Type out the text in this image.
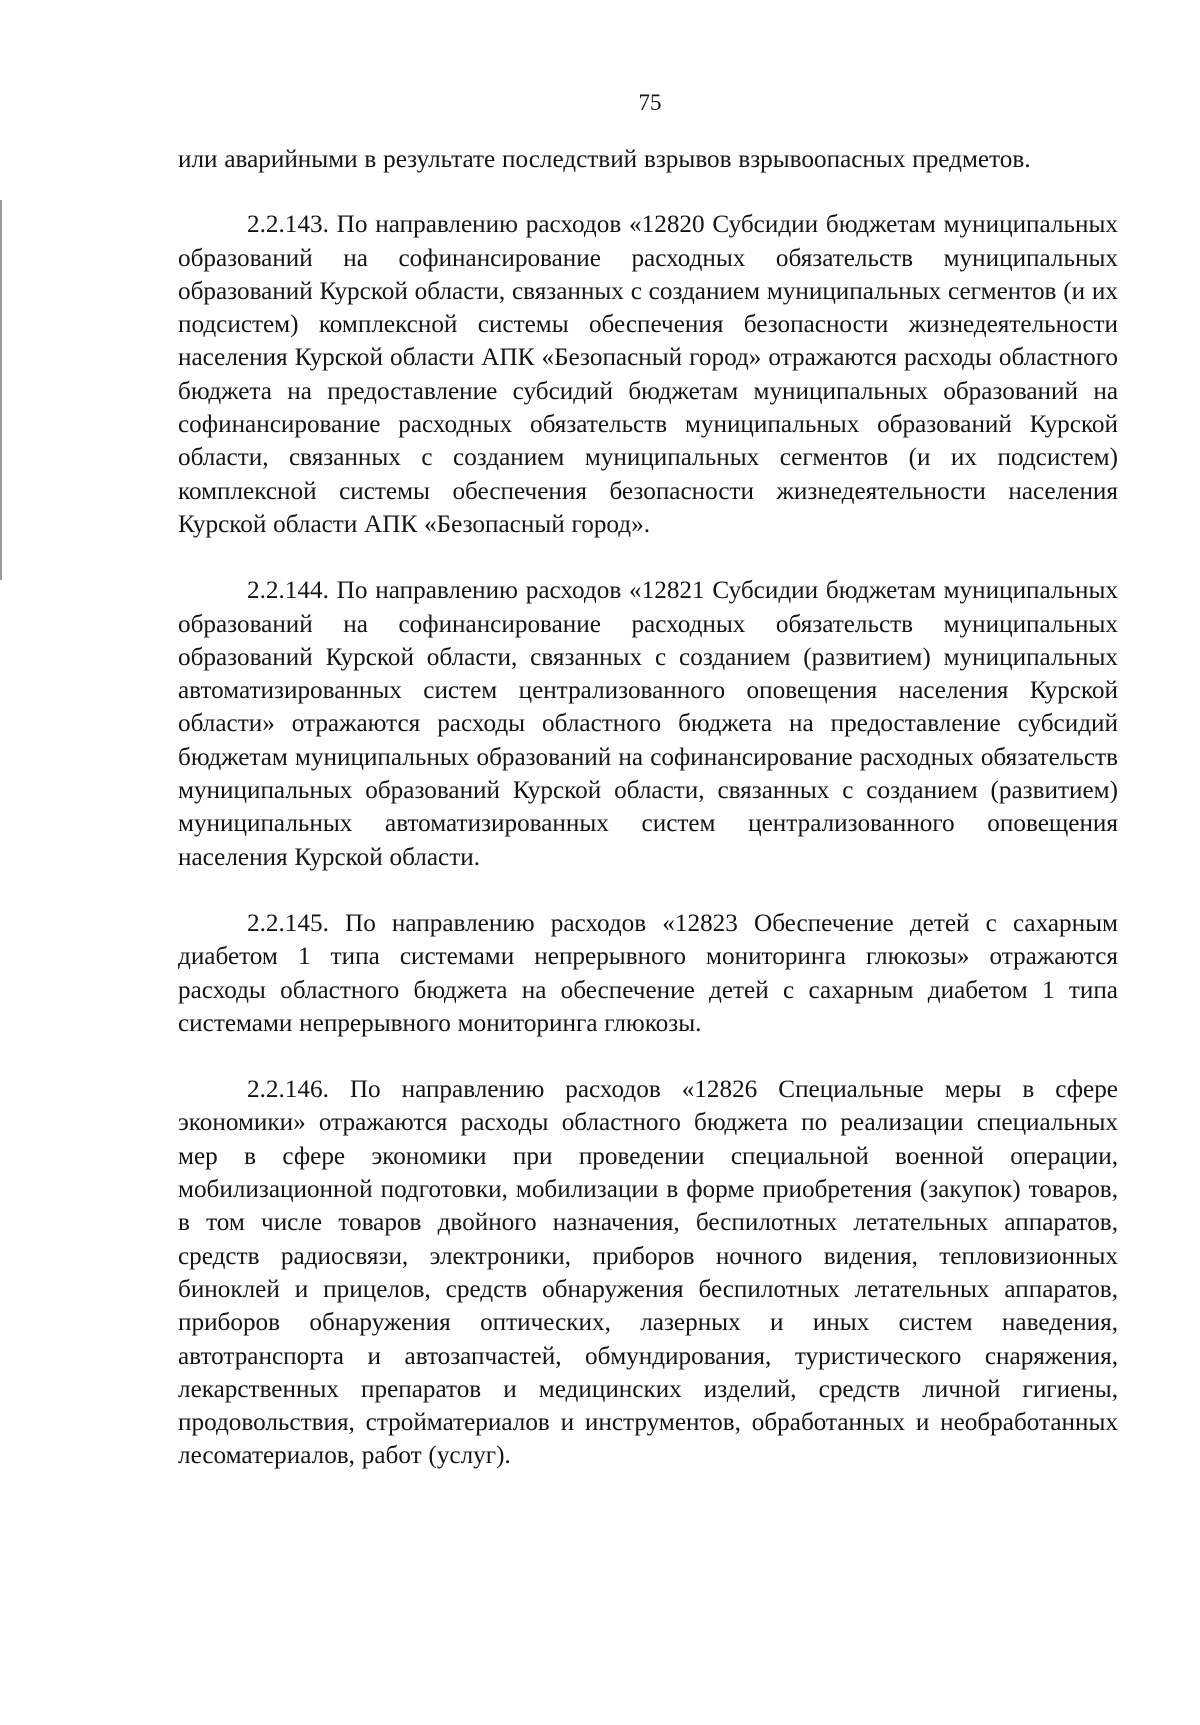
75

или аварийными в результате последствий взрывов взрывоопасных предметов.

2.2.143. По направлению расходов «12820 Субсидии бюджетам муниципальных образований на софинансирование расходных обязательств муниципальных образований Курской области, связанных с созданием муниципальных сегментов (и их подсистем) комплексной системы обеспечения безопасности жизнедеятельности населения Курской области АПК «Безопасный город» отражаются расходы областного бюджета на предоставление субсидий бюджетам муниципальных образований на софинансирование расходных обязательств муниципальных образований Курской области, связанных с созданием муниципальных сегментов (и их подсистем) комплексной системы обеспечения безопасности жизнедеятельности населения Курской области АПК «Безопасный город».

2.2.144. По направлению расходов «12821 Субсидии бюджетам муниципальных образований на софинансирование расходных обязательств муниципальных образований Курской области, связанных с созданием (развитием) муниципальных автоматизированных систем централизованного оповещения населения Курской области» отражаются расходы областного бюджета на предоставление субсидий бюджетам муниципальных образований на софинансирование расходных обязательств муниципальных образований Курской области, связанных с созданием (развитием) муниципальных автоматизированных систем централизованного оповещения населения Курской области.

2.2.145. По направлению расходов «12823 Обеспечение детей с сахарным диабетом 1 типа системами непрерывного мониторинга глюкозы» отражаются расходы областного бюджета на обеспечение детей с сахарным диабетом 1 типа системами непрерывного мониторинга глюкозы.

2.2.146. По направлению расходов «12826 Специальные меры в сфере экономики» отражаются расходы областного бюджета по реализации специальных мер в сфере экономики при проведении специальной военной операции, мобилизационной подготовки, мобилизации в форме приобретения (закупок) товаров, в том числе товаров двойного назначения, беспилотных летательных аппаратов, средств радиосвязи, электроники, приборов ночного видения, тепловизионных биноклей и прицелов, средств обнаружения беспилотных летательных аппаратов, приборов обнаружения оптических, лазерных и иных систем наведения, автотранспорта и автозапчастей, обмундирования, туристического снаряжения, лекарственных препаратов и медицинских изделий, средств личной гигиены, продовольствия, стройматериалов и инструментов, обработанных и необработанных лесоматериалов, работ (услуг).
